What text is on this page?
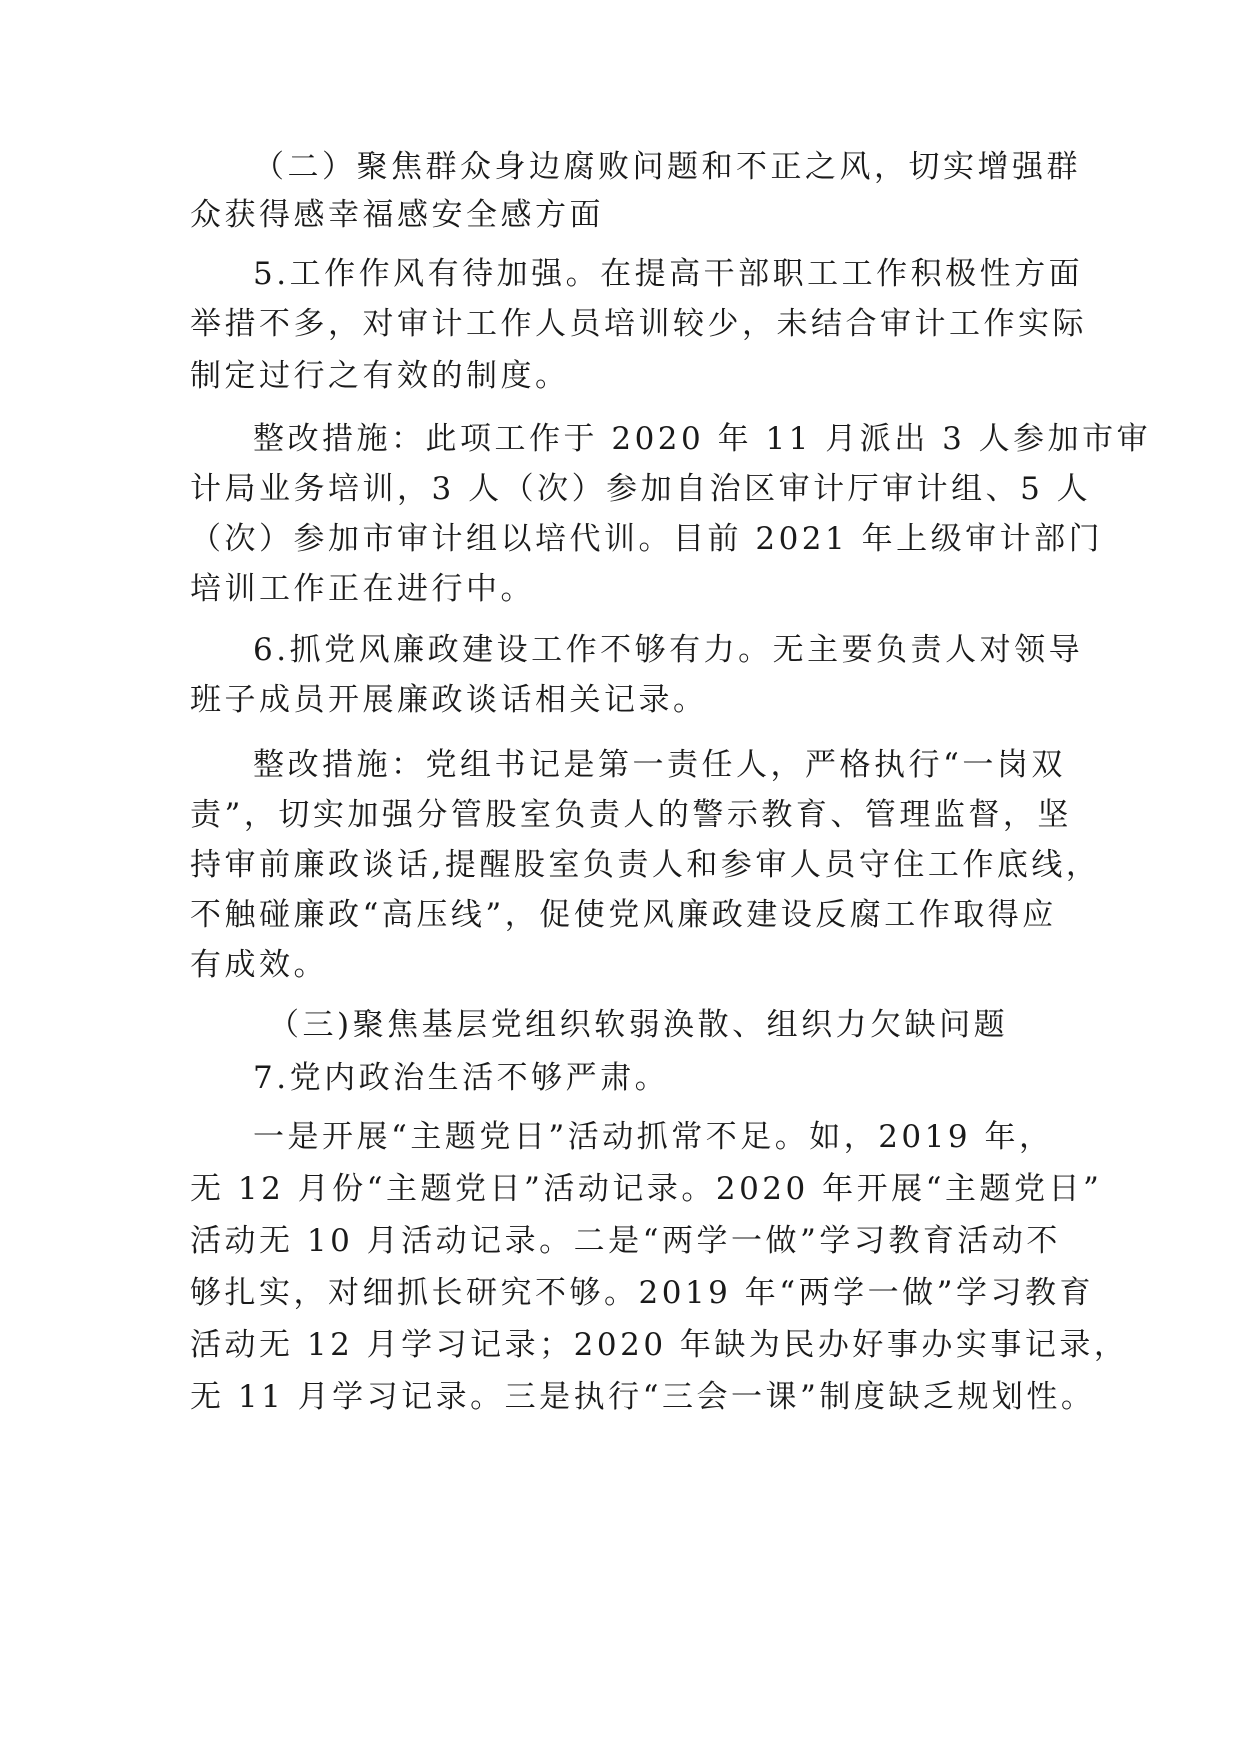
（二）聚焦群众身边腐败问题和不正之风，切实增强群
众获得感幸福感安全感方面
5.工作作风有待加强。在提高干部职工工作积极性方面
举措不多，对审计工作人员培训较少，未结合审计工作实际
制定过行之有效的制度。
整改措施：此项工作于 2020 年 11 月派出 3 人参加市审
计局业务培训，3 人（次）参加自治区审计厅审计组、5 人
（次）参加市审计组以培代训。目前 2021 年上级审计部门
培训工作正在进行中。
6.抓党风廉政建设工作不够有力。无主要负责人对领导
班子成员开展廉政谈话相关记录。
整改措施：党组书记是第一责任人，严格执行“一岗双
责”，切实加强分管股室负责人的警示教育、管理监督，坚
持审前廉政谈话,提醒股室负责人和参审人员守住工作底线，
不触碰廉政“高压线”，促使党风廉政建设反腐工作取得应
有成效。
（三)聚焦基层党组织软弱涣散、组织力欠缺问题
7.党内政治生活不够严肃。
一是开展“主题党日”活动抓常不足。如，2019 年，
无 12 月份“主题党日”活动记录。2020 年开展“主题党日”
活动无 10 月活动记录。二是“两学一做”学习教育活动不
够扎实，对细抓长研究不够。2019 年“两学一做”学习教育
活动无 12 月学习记录；2020 年缺为民办好事办实事记录，
无 11 月学习记录。三是执行“三会一课”制度缺乏规划性。
